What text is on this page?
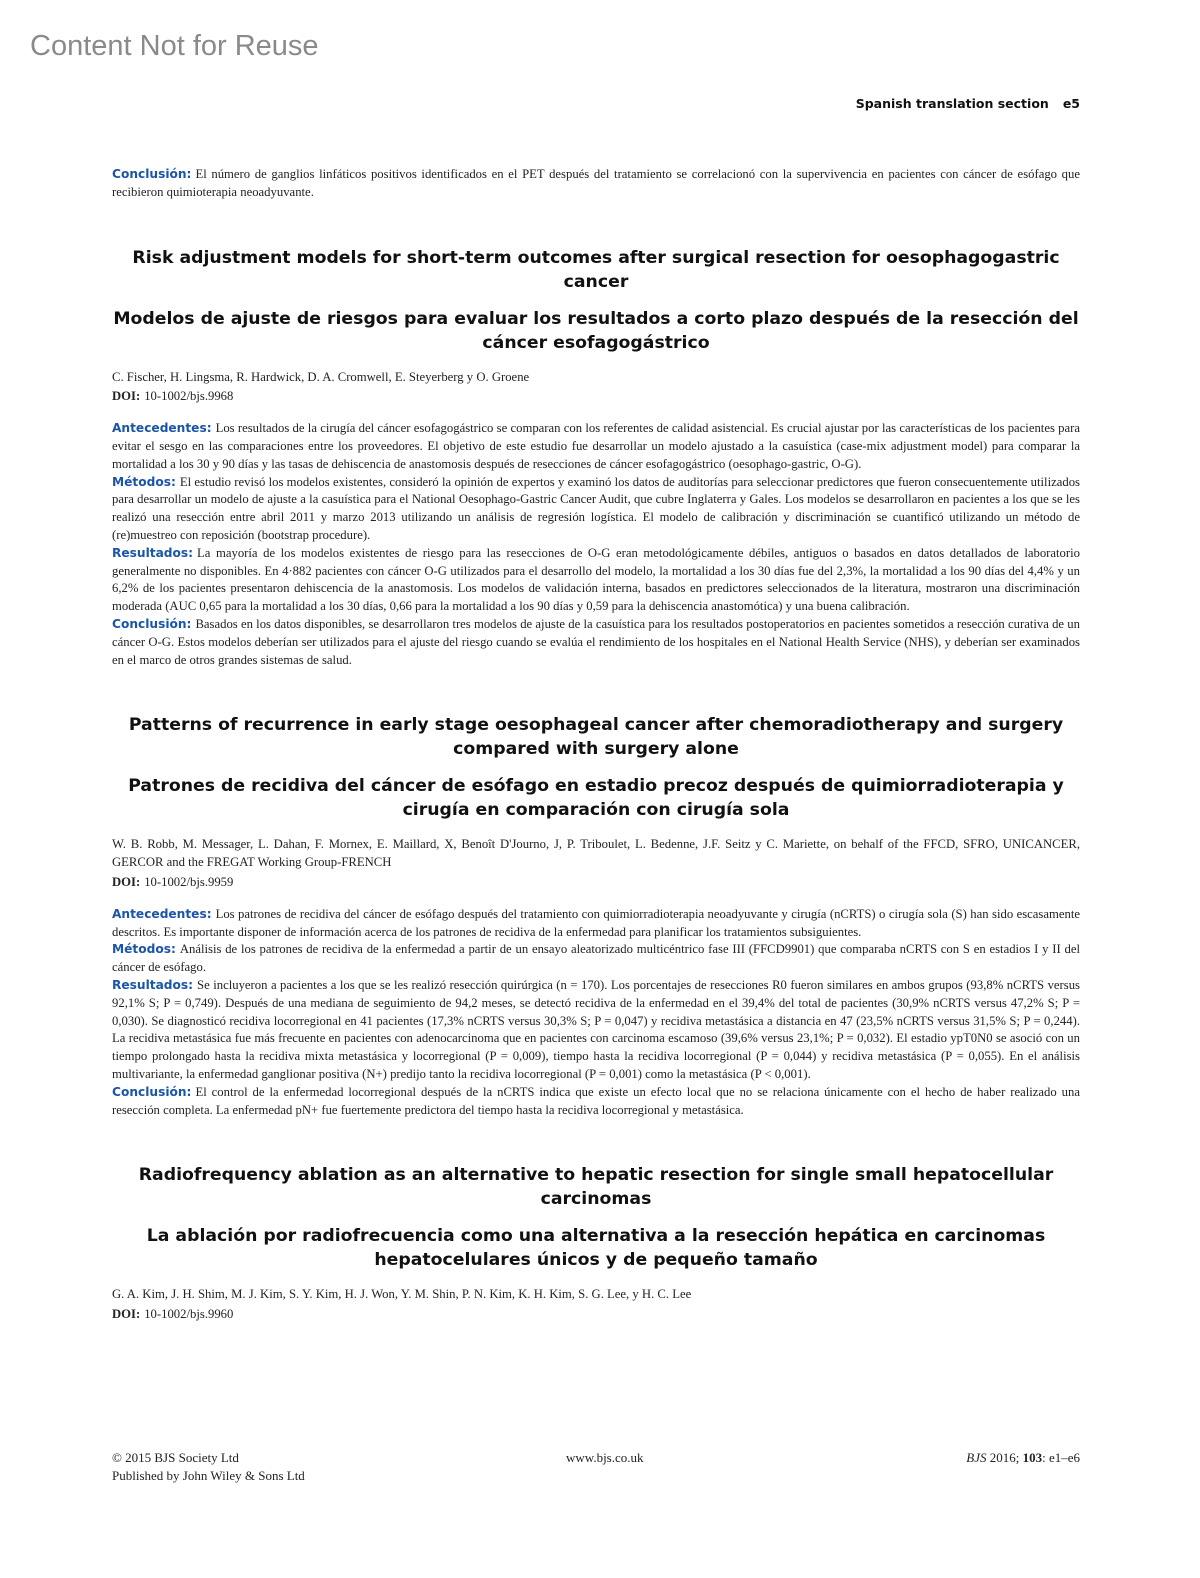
Content Not for Reuse
Spanish translation section e5

Conclusión: El número de ganglios linfáticos positivos identificados en el PET después del tratamiento se correlacionó con la supervivencia en pacientes con cáncer de esófago que recibieron quimioterapia neoadyuvante.

Risk adjustment models for short-term outcomes after surgical resection for oesophagogastric cancer
Modelos de ajuste de riesgos para evaluar los resultados a corto plazo después de la resección del cáncer esofagogástrico

C. Fischer, H. Lingsma, R. Hardwick, D. A. Cromwell, E. Steyerberg y O. Groene

DOI: 10-1002/bjs.9968

Antecedentes: Los resultados de la cirugía del cáncer esofagogástrico se comparan con los referentes de calidad asistencial. Es crucial ajustar por las características de los pacientes para evitar el sesgo en las comparaciones entre los proveedores. El objetivo de este estudio fue desarrollar un modelo ajustado a la casuística (case-mix adjustment model) para comparar la mortalidad a los 30 y 90 días y las tasas de dehiscencia de anastomosis después de resecciones de cáncer esofagogástrico (oesophago-gastric, O-G).

Métodos: El estudio revisó los modelos existentes, consideró la opinión de expertos y examinó los datos de auditorías para seleccionar predictores que fueron consecuentemente utilizados para desarrollar un modelo de ajuste a la casuística para el National Oesophago-Gastric Cancer Audit, que cubre Inglaterra y Gales. Los modelos se desarrollaron en pacientes a los que se les realizó una resección entre abril 2011 y marzo 2013 utilizando un análisis de regresión logística. El modelo de calibración y discriminación se cuantificó utilizando un método de (re)muestreo con reposición (bootstrap procedure).

Resultados: La mayoría de los modelos existentes de riesgo para las resecciones de O-G eran metodológicamente débiles, antiguos o basados en datos detallados de laboratorio generalmente no disponibles. En 4·882 pacientes con cáncer O-G utilizados para el desarrollo del modelo, la mortalidad a los 30 días fue del 2,3%, la mortalidad a los 90 días del 4,4% y un 6,2% de los pacientes presentaron dehiscencia de la anastomosis. Los modelos de validación interna, basados en predictores seleccionados de la literatura, mostraron una discriminación moderada (AUC 0,65 para la mortalidad a los 30 días, 0,66 para la mortalidad a los 90 días y 0,59 para la dehiscencia anastomótica) y una buena calibración.

Conclusión: Basados en los datos disponibles, se desarrollaron tres modelos de ajuste de la casuística para los resultados postoperatorios en pacientes sometidos a resección curativa de un cáncer O-G. Estos modelos deberían ser utilizados para el ajuste del riesgo cuando se evalúa el rendimiento de los hospitales en el National Health Service (NHS), y deberían ser examinados en el marco de otros grandes sistemas de salud.

Patterns of recurrence in early stage oesophageal cancer after chemoradiotherapy and surgery compared with surgery alone
Patrones de recidiva del cáncer de esófago en estadio precoz después de quimiorradioterapia y cirugía en comparación con cirugía sola

W. B. Robb, M. Messager, L. Dahan, F. Mornex, E. Maillard, X, Benoît D'Journo, J, P. Triboulet, L. Bedenne, J.F. Seitz y C. Mariette, on behalf of the FFCD, SFRO, UNICANCER, GERCOR and the FREGAT Working Group-FRENCH

DOI: 10-1002/bjs.9959

Antecedentes: Los patrones de recidiva del cáncer de esófago después del tratamiento con quimiorradioterapia neoadyuvante y cirugía (nCRTS) o cirugía sola (S) han sido escasamente descritos. Es importante disponer de información acerca de los patrones de recidiva de la enfermedad para planificar los tratamientos subsiguientes.

Métodos: Análisis de los patrones de recidiva de la enfermedad a partir de un ensayo aleatorizado multicéntrico fase III (FFCD9901) que comparaba nCRTS con S en estadios I y II del cáncer de esófago.

Resultados: Se incluyeron a pacientes a los que se les realizó resección quirúrgica (n = 170). Los porcentajes de resecciones R0 fueron similares en ambos grupos (93,8% nCRTS versus 92,1% S; P = 0,749). Después de una mediana de seguimiento de 94,2 meses, se detectó recidiva de la enfermedad en el 39,4% del total de pacientes (30,9% nCRTS versus 47,2% S; P = 0,030). Se diagnosticó recidiva locorregional en 41 pacientes (17,3% nCRTS versus 30,3% S; P = 0,047) y recidiva metastásica a distancia en 47 (23,5% nCRTS versus 31,5% S; P = 0,244). La recidiva metastásica fue más frecuente en pacientes con adenocarcinoma que en pacientes con carcinoma escamoso (39,6% versus 23,1%; P = 0,032). El estadio ypT0N0 se asoció con un tiempo prolongado hasta la recidiva mixta metastásica y locorregional (P = 0,009), tiempo hasta la recidiva locorregional (P = 0,044) y recidiva metastásica (P = 0,055). En el análisis multivariante, la enfermedad ganglionar positiva (N+) predijo tanto la recidiva locorregional (P = 0,001) como la metastásica (P < 0,001).

Conclusión: El control de la enfermedad locorregional después de la nCRTS indica que existe un efecto local que no se relaciona únicamente con el hecho de haber realizado una resección completa. La enfermedad pN+ fue fuertemente predictora del tiempo hasta la recidiva locorregional y metastásica.

Radiofrequency ablation as an alternative to hepatic resection for single small hepatocellular carcinomas
La ablación por radiofrecuencia como una alternativa a la resección hepática en carcinomas hepatocelulares únicos y de pequeño tamaño

G. A. Kim, J. H. Shim, M. J. Kim, S. Y. Kim, H. J. Won, Y. M. Shin, P. N. Kim, K. H. Kim, S. G. Lee, y H. C. Lee

DOI: 10-1002/bjs.9960

© 2015 BJS Society Ltd
Published by John Wiley & Sons Ltd
www.bjs.co.uk	BJS 2016; 103: e1–e6
